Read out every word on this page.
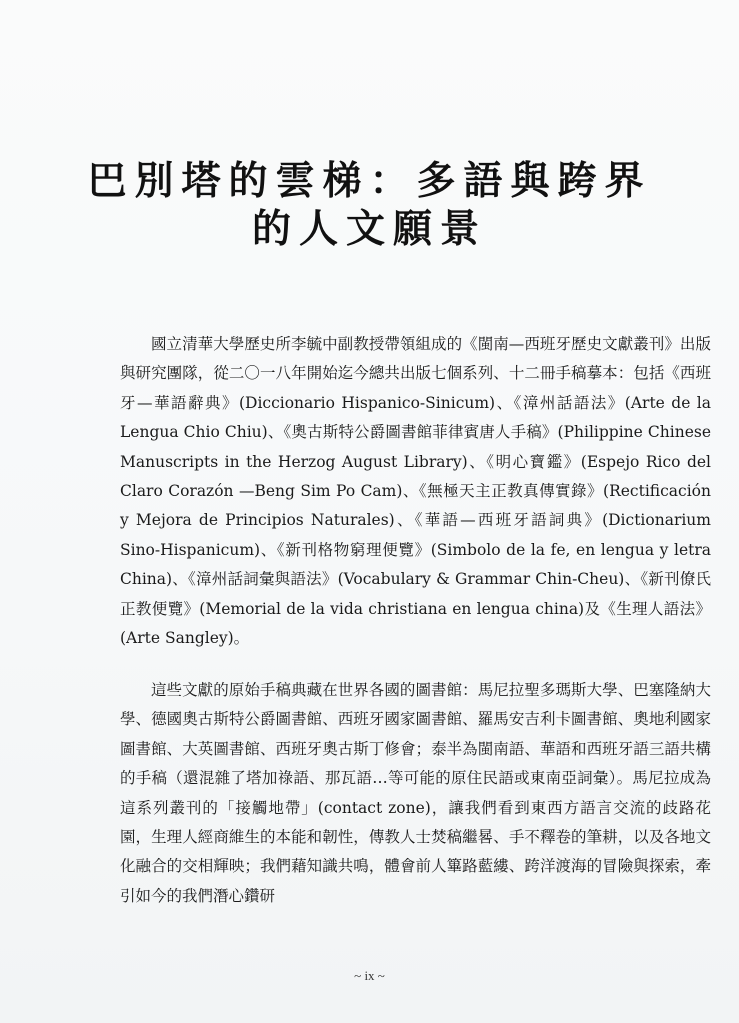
巴別塔的雲梯：多語與跨界
的人文願景

國立清華大學歷史所李毓中副教授帶領組成的《閩南—西班牙歷史文獻叢刊》出版與研究團隊，從二〇一八年開始迄今總共出版七個系列、十二冊手稿摹本：包括《西班牙—華語辭典》(Diccionario Hispanico-Sinicum)、《漳州話語法》(Arte de la Lengua Chio Chiu)、《奧古斯特公爵圖書館菲律賓唐人手稿》(Philippine Chinese Manuscripts in the Herzog August Library)、《明心寶鑑》(Espejo Rico del Claro Corazón —Beng Sim Po Cam)、《無極天主正教真傳實錄》(Rectificación y Mejora de Principios Naturales)、《華語—西班牙語詞典》(Dictionarium Sino-Hispanicum)、《新刊格物窮理便覽》(Simbolo de la fe, en lengua y letra China)、《漳州話詞彙與語法》(Vocabulary & Grammar Chin-Cheu)、《新刊僚氏正教便覽》(Memorial de la vida christiana en lengua china)及《生理人語法》(Arte Sangley)。

這些文獻的原始手稿典藏在世界各國的圖書館：馬尼拉聖多瑪斯大學、巴塞隆納大學、德國奧古斯特公爵圖書館、西班牙國家圖書館、羅馬安吉利卡圖書館、奧地利國家圖書館、大英圖書館、西班牙奧古斯丁修會；泰半為閩南語、華語和西班牙語三語共構的手稿（還混雜了塔加祿語、那瓦語…等可能的原住民語或東南亞詞彙）。馬尼拉成為這系列叢刊的「接觸地帶」(contact zone)，讓我們看到東西方語言交流的歧路花園，生理人經商維生的本能和韌性，傳教人士焚稿繼晷、手不釋卷的筆耕，以及各地文化融合的交相輝映；我們藉知識共鳴，體會前人篳路藍縷、跨洋渡海的冒險與探索，牽引如今的我們潛心鑽研

~ ix ~
